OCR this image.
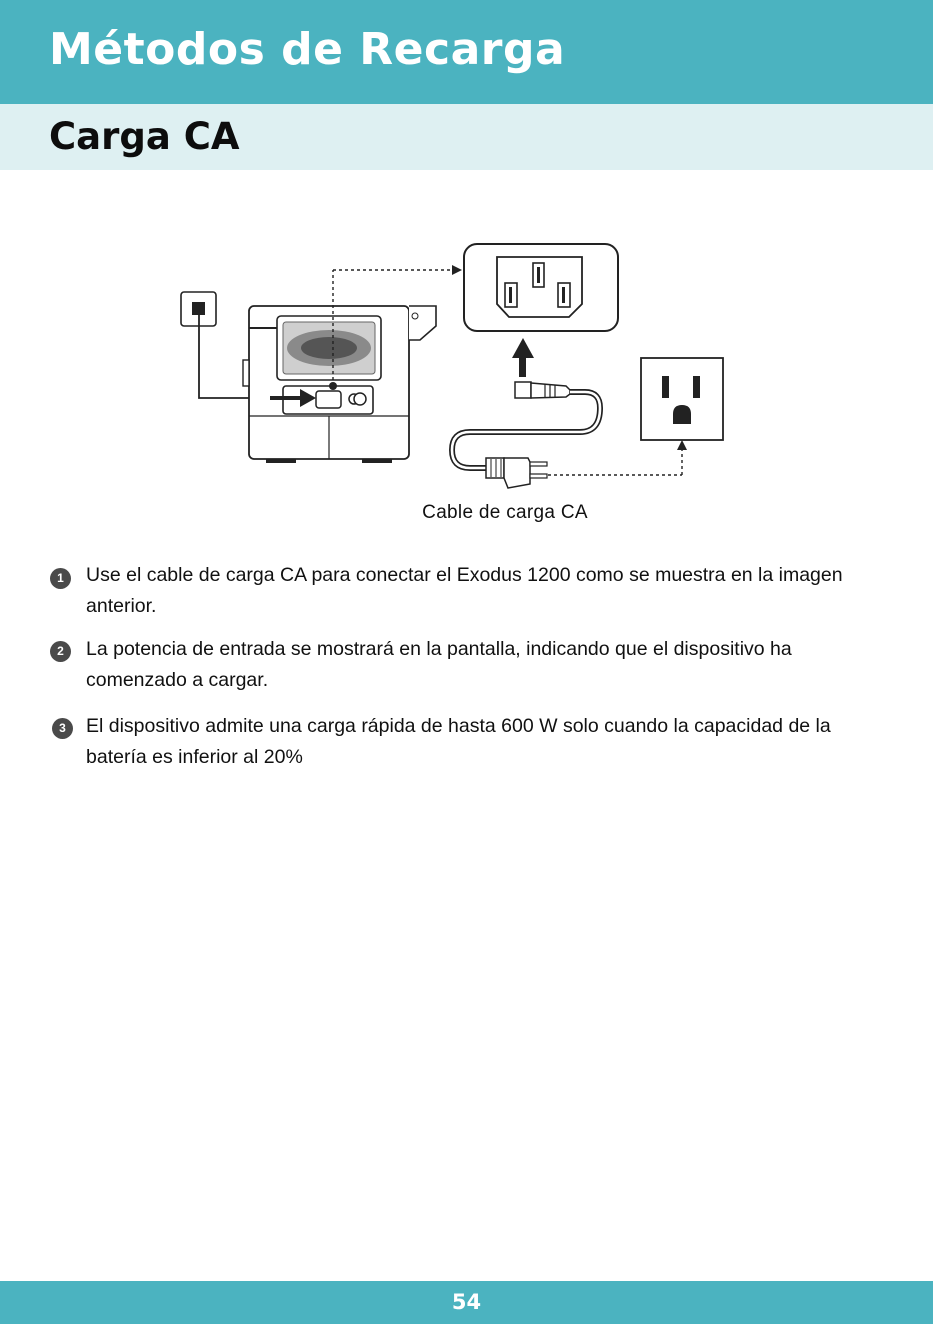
Métodos de Recarga
Carga CA
Cable de carga CA
1	Use el cable de carga CA para conectar el Exodus 1200 como se muestra en la imagen anterior.

2	La potencia de entrada se mostrará en la pantalla, indicando que el dispositivo ha comenzado a cargar.

3	El dispositivo admite una carga rápida de hasta 600 W solo cuando la capacidad de la batería es inferior al 20%

54
